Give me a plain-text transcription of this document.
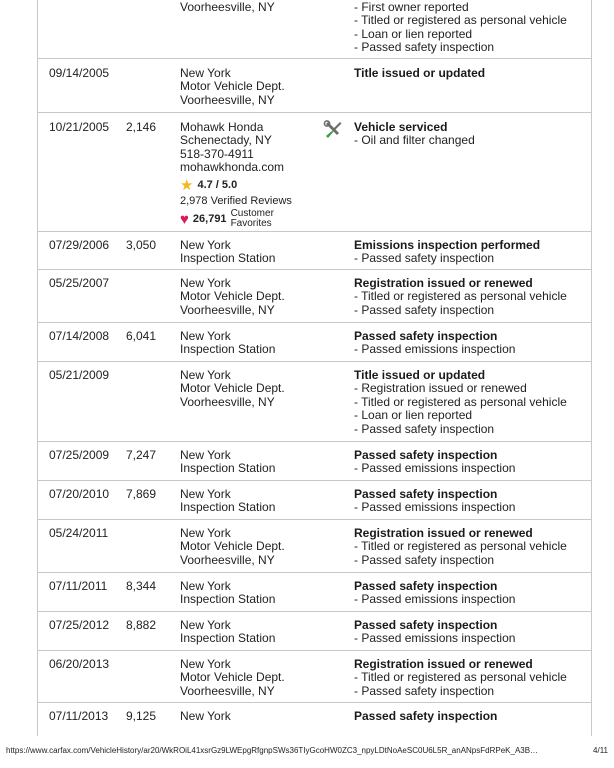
Voorheesville, NY
-	First owner reported
- Titled or registered as personal vehicle
- Loan or lien reported
- Passed safety inspection
09/14/2005	New York
Motor Vehicle Dept.
Voorheesville, NY
Title issued or updated
10/21/2005 2,146 Mohawk Honda
Schenectady, NY
518-370-4911
mohawkhonda.com
★ 4.7 / 5.0
2,978 Verified Reviews
♥ 26,791 Customer
Favorites
Vehicle serviced
- Oil and filter changed
07/29/2006 3,050 New York
Inspection Station
Emissions inspection performed
- Passed safety inspection
05/25/2007	New York
Motor Vehicle Dept.
Voorheesville, NY
Registration issued or renewed
- Titled or registered as personal vehicle
- Passed safety inspection
07/14/2008 6,041 New York
Inspection Station
Passed safety inspection
- Passed emissions inspection
05/21/2009	New York
Motor Vehicle Dept.
Voorheesville, NY
Title issued or updated
- Registration issued or renewed
- Titled or registered as personal vehicle
- Loan or lien reported
- Passed safety inspection
07/25/2009 7,247 New York
Inspection Station
Passed safety inspection
- Passed emissions inspection
07/20/2010 7,869 New York
Inspection Station
Passed safety inspection
- Passed emissions inspection
05/24/2011	New York
Motor Vehicle Dept.
Voorheesville, NY
Registration issued or renewed
- Titled or registered as personal vehicle
- Passed safety inspection
07/11/2011 8,344 New York
Inspection Station
Passed safety inspection
- Passed emissions inspection
07/25/2012 8,882 New York
Inspection Station
Passed safety inspection
- Passed emissions inspection
06/20/2013	New York
Motor Vehicle Dept.
Voorheesville, NY
Registration issued or renewed
- Titled or registered as personal vehicle
- Passed safety inspection
07/11/2013 9,125 New York	Passed safety inspection
https://www.carfax.com/VehicleHistory/ar20/WkROiL41xsrGz9LWEpgRfgnpSWs36TIyGcoHW0ZC3_npyLDtNoAeSC0U6L5R_anANpsFdRPeK_A3B…	4/11
